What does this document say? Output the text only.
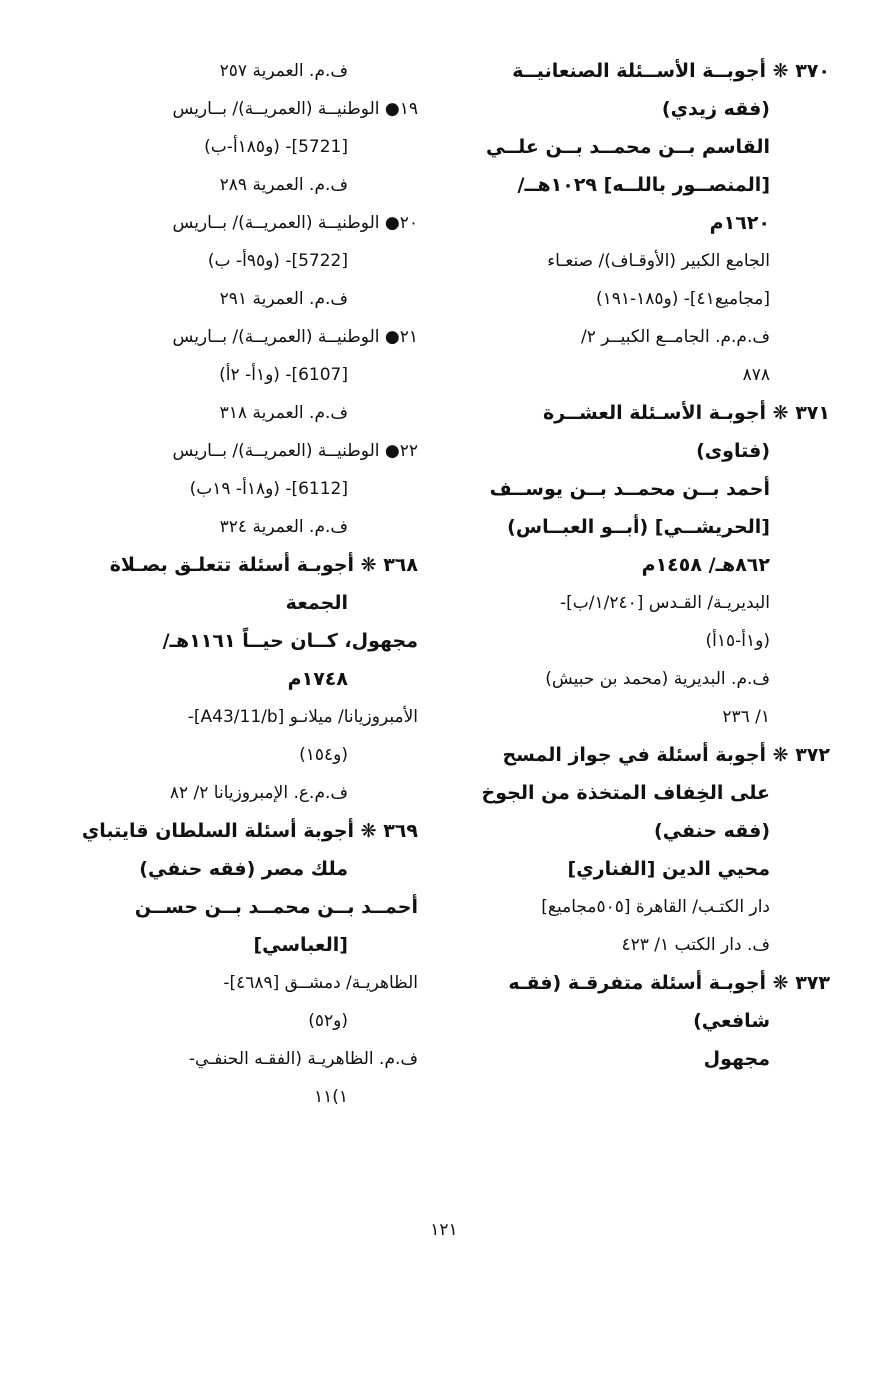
٣٧٠ ❋ أجوبــة الأســئلة الصنعانيــة
(فقه زيدي)
القاسم بــن محمــد بــن علــي
[المنصــور باللــه] ١٠٢٩هــ/
١٦٢٠م
الجامع الكبير (الأوقـاف)/ صنعـاء
[مجاميع٤١]- (و١٨٥-١٩١)
ف.م.م. الجامــع الكبيــر ٢/
٨٧٨
٣٧١ ❋ أجوبـة الأسـئلة العشــرة
(فتاوى)
أحمد بــن محمــد بــن يوســف
[الحريشــي] (أبــو العبــاس)
٨٦٢هـ/ ١٤٥٨م
البديريـة/ القـدس [١/٢٤٠/ب]-
(و١أ-١٥أ)
ف.م. البديرية (محمد بن حبيش)
١/ ٢٣٦
٣٧٢ ❋ أجوبة أسئلة في جواز المسح
على الخِفاف المتخذة من الجوخ
(فقه حنفي)
محيي الدين [الفناري]
دار الكتـب/ القاهرة [٥٠٥مجاميع]
ف. دار الكتب ١/ ٤٢٣
٣٧٣ ❋ أجوبـة أسئلة متفرقـة (فقـه
شافعي)
مجهول
ف.م. العمرية ٢٥٧
١٩● الوطنيــة (العمريــة)/ بــاريس
[5721]- (و١٨٥أ-ب)
ف.م. العمرية ٢٨٩
٢٠● الوطنيــة (العمريــة)/ بــاريس
[5722]- (و٩٥أ- ب)
ف.م. العمرية ٢٩١
٢١● الوطنيــة (العمريــة)/ بــاريس
[6107]- (و١أ- ٢أ)
ف.م. العمرية ٣١٨
٢٢● الوطنيــة (العمريــة)/ بــاريس
[6112]- (و١٨أ- ١٩ب)
ف.م. العمرية ٣٢٤
٣٦٨ ❋ أجوبـة أسئلة تتعلـق بصـلاة
الجمعة
مجهول، كــان حيــاً ١١٦١هـ/
١٧٤٨م
الأمبروزيانا/ ميلانـو [A43/11/b]-
(و١٥٤)
ف.م.ع. الإمبروزيانا ٢/ ٨٢
٣٦٩ ❋ أجوبة أسئلة السلطان قايتباي
ملك مصر (فقه حنفي)
أحمــد بــن محمــد بــن حســن
[العباسي]
الظاهريـة/ دمشــق [٤٦٨٩]-
(و٥٢)
ف.م. الظاهريـة (الفقـه الحنفـي-
١)١١
١٢١
